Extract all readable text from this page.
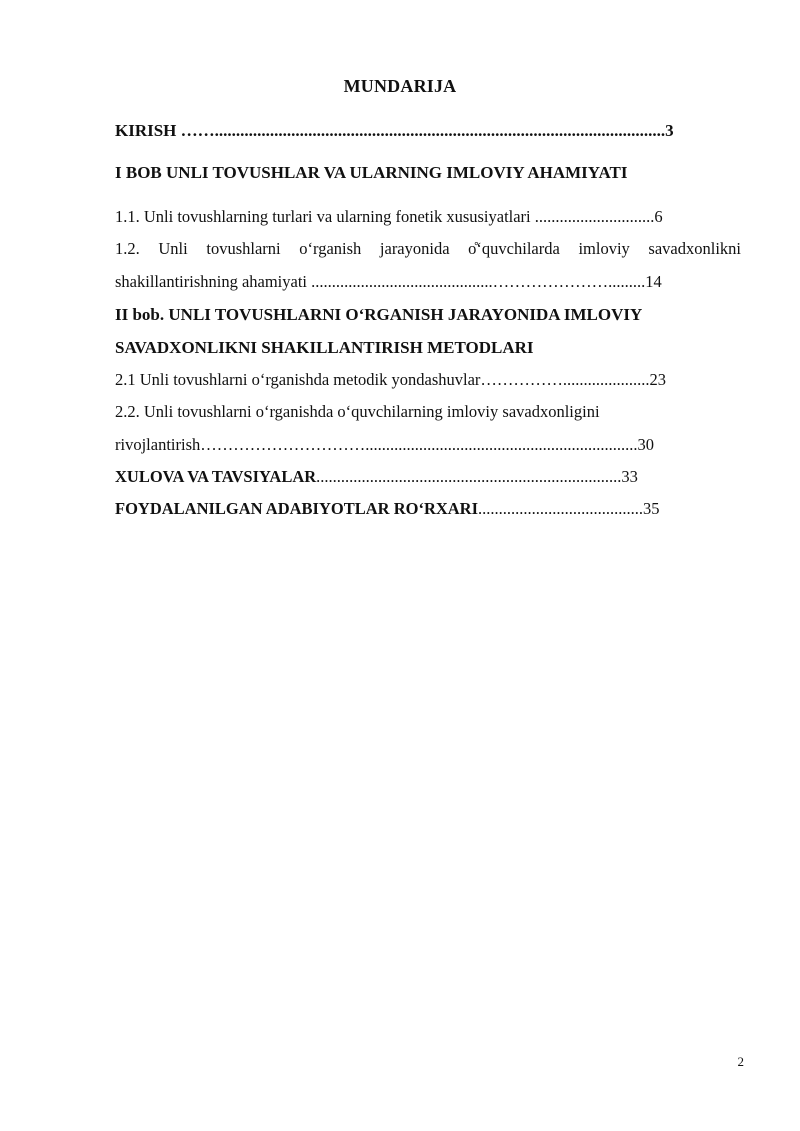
MUNDARIJA
KIRISH ……..........................................................................................................3
I BOB UNLI TOVUSHLAR VA ULARNING IMLOVIY AHAMIYATI
1.1. Unli tovushlarning turlari va ularning fonetik xususiyatlari .............................6
1.2. Unli tovushlarni oʻrganish jarayonida o̊ʻquvchilarda imloviy savadxonlikni
shakillantirishning ahamiyati ............................................………………….........14
II bob. UNLI TOVUSHLARNI OʻRGANISH JARAYONIDA IMLOVIY
SAVADXONLIKNI SHAKILLANTIRISH METODLARI
2.1 Unli tovushlarni oʻrganishda metodik yondashuvlar…………….....................23
2.2. Unli tovushlarni oʻrganishda oʻquvchilarning imloviy savadxonligini
rivojlantirish…………………………..................................................................30
XULOVA VA TAVSIYALAR..........................................................................33
FOYDALANILGAN ADABIYOTLAR ROʻRXARI........................................35
2
